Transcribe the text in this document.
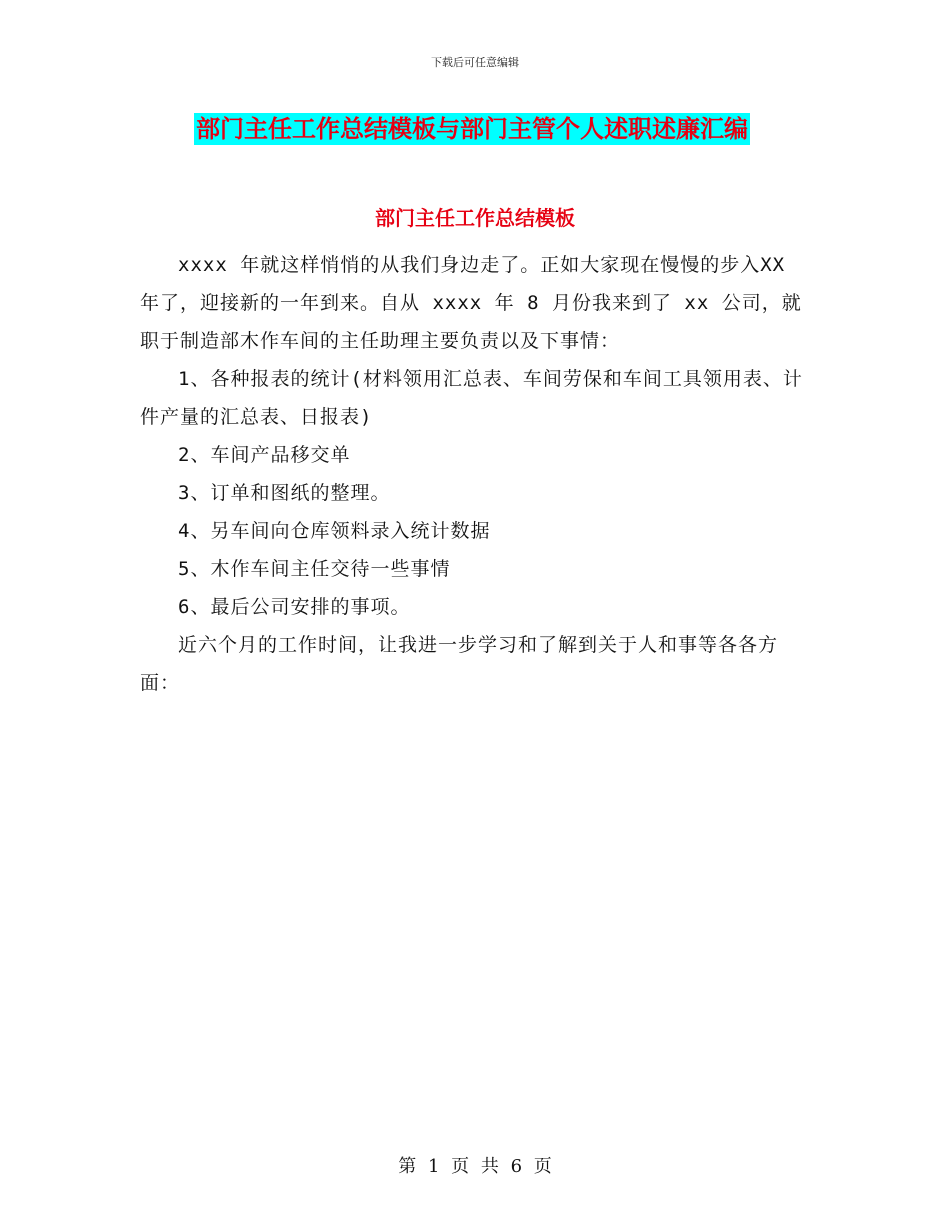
下载后可任意编辑
部门主任工作总结模板与部门主管个人述职述廉汇编
部门主任工作总结模板

xxxx 年就这样悄悄的从我们身边走了。正如大家现在慢慢的步入XX 年了，迎接新的一年到来。自从 xxxx 年 8 月份我来到了 xx 公司，就职于制造部木作车间的主任助理主要负责以及下事情：

1、各种报表的统计(材料领用汇总表、车间劳保和车间工具领用表、计件产量的汇总表、日报表)

2、车间产品移交单

3、订单和图纸的整理。

4、另车间向仓库领料录入统计数据

5、木作车间主任交待一些事情

6、最后公司安排的事项。

近六个月的工作时间，让我进一步学习和了解到关于人和事等各各方面：

第 1 页 共 6 页
